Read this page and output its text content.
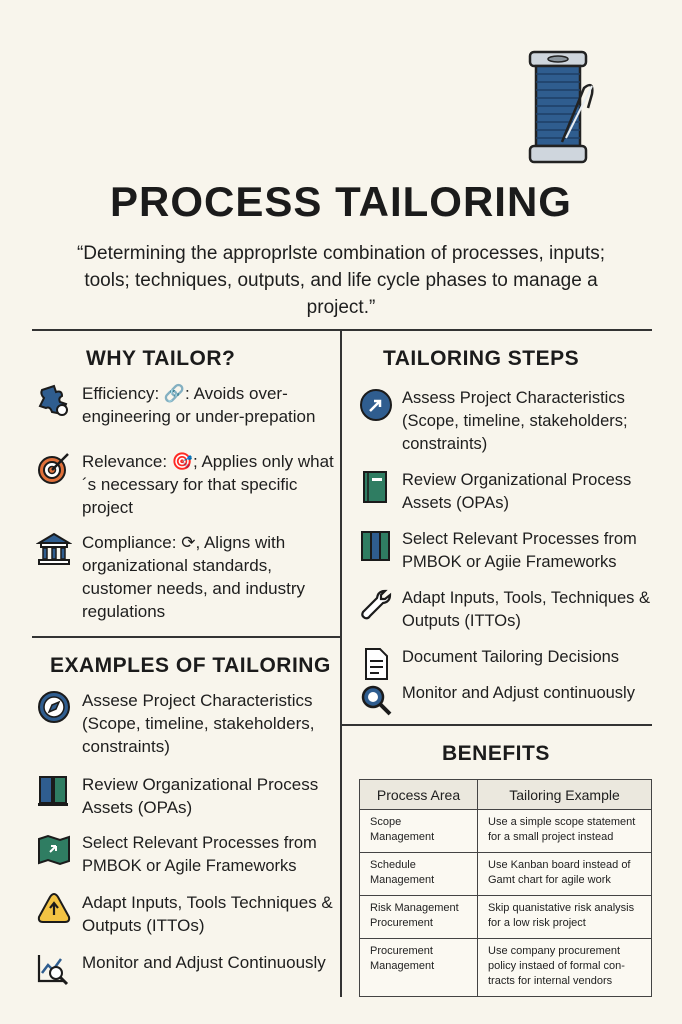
PROCESS TAILORING
“Determining the approprlste combination of processes, inputs; tools; techniques, outputs, and life cycle phases to manage a project.”
WHY TAILOR?
Efficiency: 🔗: Avoids over-engineering or under-prepation
Relevance: 🎯; Applies only what´s necessary for that specific project
Compliance: ⟳, Aligns with organizational standards, customer needs, and industry regulations
EXAMPLES OF TAILORING
Assese Project Characteristics (Scope, timeline, stakeholders, constraints)
Review Organizational Process Assets (OPAs)
Select Relevant Processes from PMBOK or Agile Frameworks
Adapt Inputs, Tools Techniques & Outputs (ITTOs)
Monitor and Adjust Continuously
TAILORING STEPS
Assess Project Characteristics (Scope, timeline, stakeholders; constraints)
Review Organizational Process Assets (OPAs)
Select Relevant Processes from PMBOK or Agiie Frameworks
Adapt Inputs, Tools, Techniques & Outputs (ITTOs)
Document Tailoring Decisions
Monitor and Adjust continuously
BENEFITS
Process Area	Tailoring Example
Scope Management	Use a simple scope statement for a small project instead
Schedule Management	Use Kanban board instead of Gamt chart for agile work
Risk Management Procurement	Skip quanistative risk analysis for a low risk project
Procurement Management	Use company procurement policy instaed of formal con-tracts for internal vendors
